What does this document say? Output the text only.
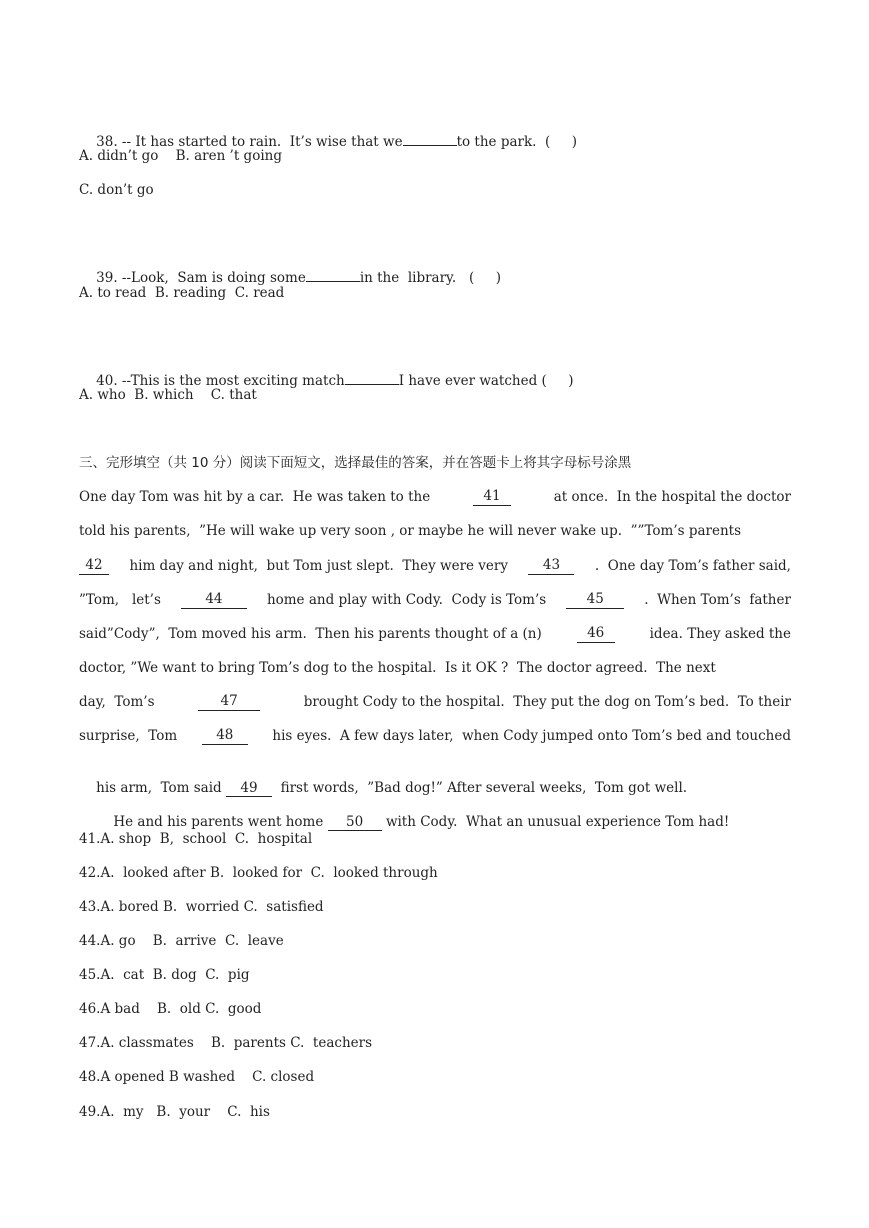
38. -- It has started to rain.  It’s wise that we	to the park.  (     )

A. didn’t go    B. aren ’t going
C. don’t go

39. --Look,  Sam is doing some	in the  library.   (     )

A. to read  B. reading  C. read

40. --This is the most exciting match	I have ever watched (     )

A. who  B. which    C. that
三、完形填空（共 10 分）阅读下面短文，选择最佳的答案，并在答题卡上将其字母标号涂黑
One day Tom was hit by a car.  He was taken to the	41	at once.  In the hospital the doctor
told his parents,  ”He will wake up very soon , or maybe he will never wake up.  ””Tom’s parents
42	him day and night,  but Tom just slept.  They were very	43	.  One day Tom’s father said,
”Tom,   let’s	44	home and play with Cody.  Cody is Tom’s	45	.  When Tom’s  father
said”Cody”,  Tom moved his arm.  Then his parents thought of a (n)	46	idea. They asked the
doctor, ”We want to bring Tom’s dog to the hospital.  Is it OK ?  The doctor agreed.  The next
day,  Tom’s	47	brought Cody to the hospital.  They put the dog on Tom’s bed.  To their
surprise,  Tom	48	his eyes.  A few days later,  when Cody jumped onto Tom’s bed and touched

his arm,  Tom said 49 first words,  ”Bad dog!” After several weeks,  Tom got well.

He and his parents went home 50 with Cody.  What an unusual experience Tom had!

41.A. shop  B,  school  C.  hospital
42.A.  looked after B.  looked for  C.  looked through
43.A. bored B.  worried C.  satisfied
44.A. go    B.  arrive  C.  leave
45.A.  cat  B. dog  C.  pig
46.A bad    B.  old C.  good
47.A. classmates    B.  parents C.  teachers
48.A opened B washed    C. closed
49.A.  my   B.  your    C.  his
